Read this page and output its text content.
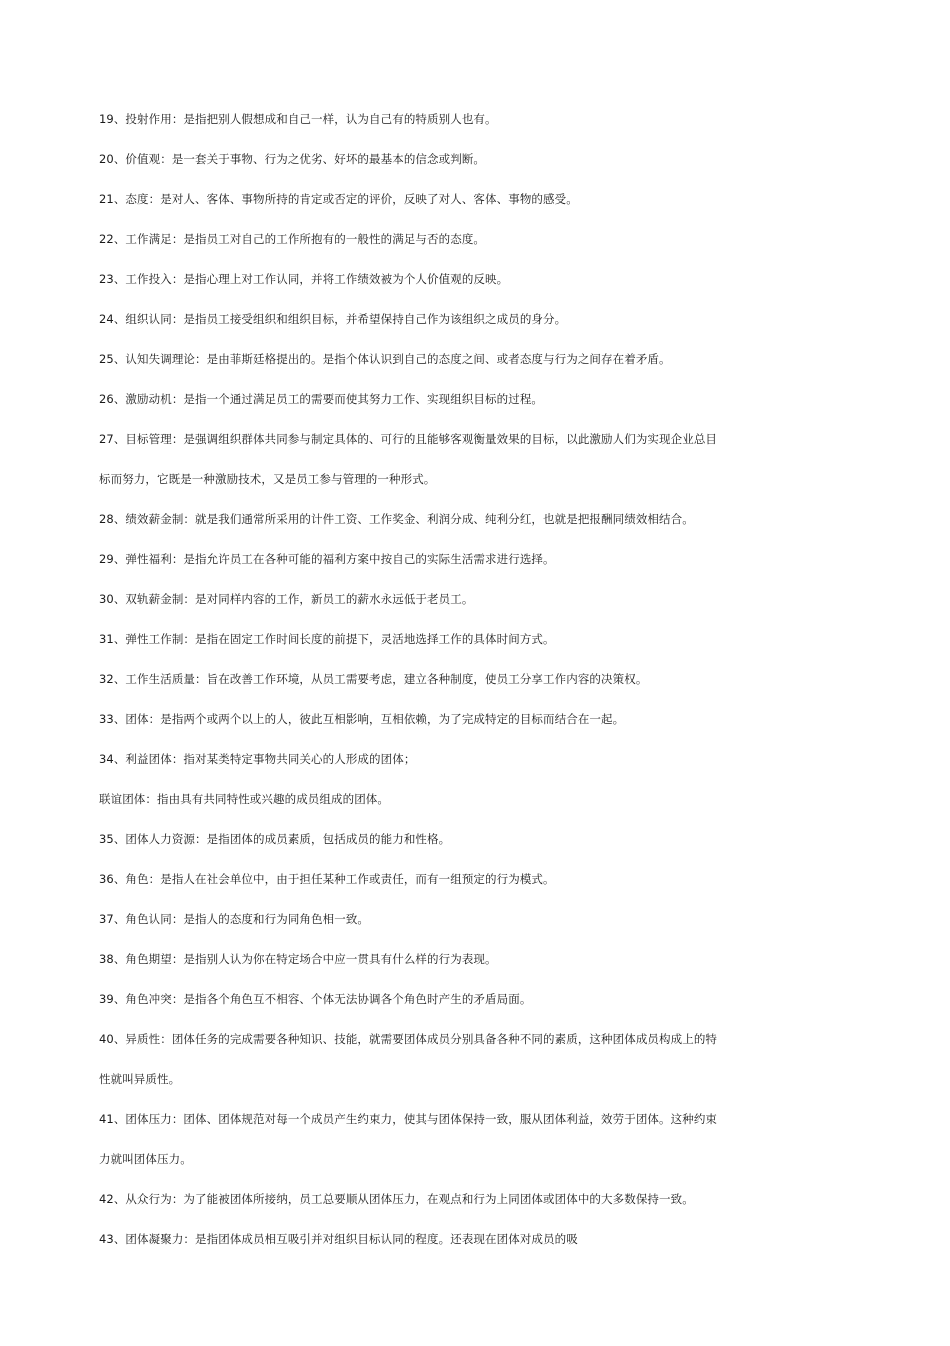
19、投射作用：是指把别人假想成和自己一样，认为自己有的特质别人也有。
20、价值观：是一套关于事物、行为之优劣、好坏的最基本的信念或判断。
21、态度：是对人、客体、事物所持的肯定或否定的评价，反映了对人、客体、事物的感受。
22、工作满足：是指员工对自己的工作所抱有的一般性的满足与否的态度。
23、工作投入：是指心理上对工作认同，并将工作绩效被为个人价值观的反映。
24、组织认同：是指员工接受组织和组织目标，并希望保持自己作为该组织之成员的身分。
25、认知失调理论：是由菲斯廷格提出的。是指个体认识到自己的态度之间、或者态度与行为之间存在着矛盾。
26、激励动机：是指一个通过满足员工的需要而使其努力工作、实现组织目标的过程。
27、目标管理：是强调组织群体共同参与制定具体的、可行的且能够客观衡量效果的目标，以此激励人们为实现企业总目
标而努力，它既是一种激励技术，又是员工参与管理的一种形式。
28、绩效薪金制：就是我们通常所采用的计件工资、工作奖金、利润分成、纯利分红，也就是把报酬同绩效相结合。
29、弹性福利：是指允许员工在各种可能的福利方案中按自己的实际生活需求进行选择。
30、双轨薪金制：是对同样内容的工作，新员工的薪水永远低于老员工。
31、弹性工作制：是指在固定工作时间长度的前提下，灵活地选择工作的具体时间方式。
32、工作生活质量：旨在改善工作环境，从员工需要考虑，建立各种制度，使员工分享工作内容的决策权。
33、团体：是指两个或两个以上的人，彼此互相影响，互相依赖，为了完成特定的目标而结合在一起。
34、利益团体：指对某类特定事物共同关心的人形成的团体；
联谊团体：指由具有共同特性或兴趣的成员组成的团体。
35、团体人力资源：是指团体的成员素质，包括成员的能力和性格。
36、角色：是指人在社会单位中，由于担任某种工作或责任，而有一组预定的行为模式。
37、角色认同：是指人的态度和行为同角色相一致。
38、角色期望：是指别人认为你在特定场合中应一贯具有什么样的行为表现。
39、角色冲突：是指各个角色互不相容、个体无法协调各个角色时产生的矛盾局面。
40、异质性：团体任务的完成需要各种知识、技能，就需要团体成员分别具备各种不同的素质，这种团体成员构成上的特
性就叫异质性。
41、团体压力：团体、团体规范对每一个成员产生约束力，使其与团体保持一致，服从团体利益，效劳于团体。这种约束
力就叫团体压力。
42、从众行为：为了能被团体所接纳，员工总要顺从团体压力，在观点和行为上同团体或团体中的大多数保持一致。
43、团体凝聚力：是指团体成员相互吸引并对组织目标认同的程度。还表现在团体对成员的吸
